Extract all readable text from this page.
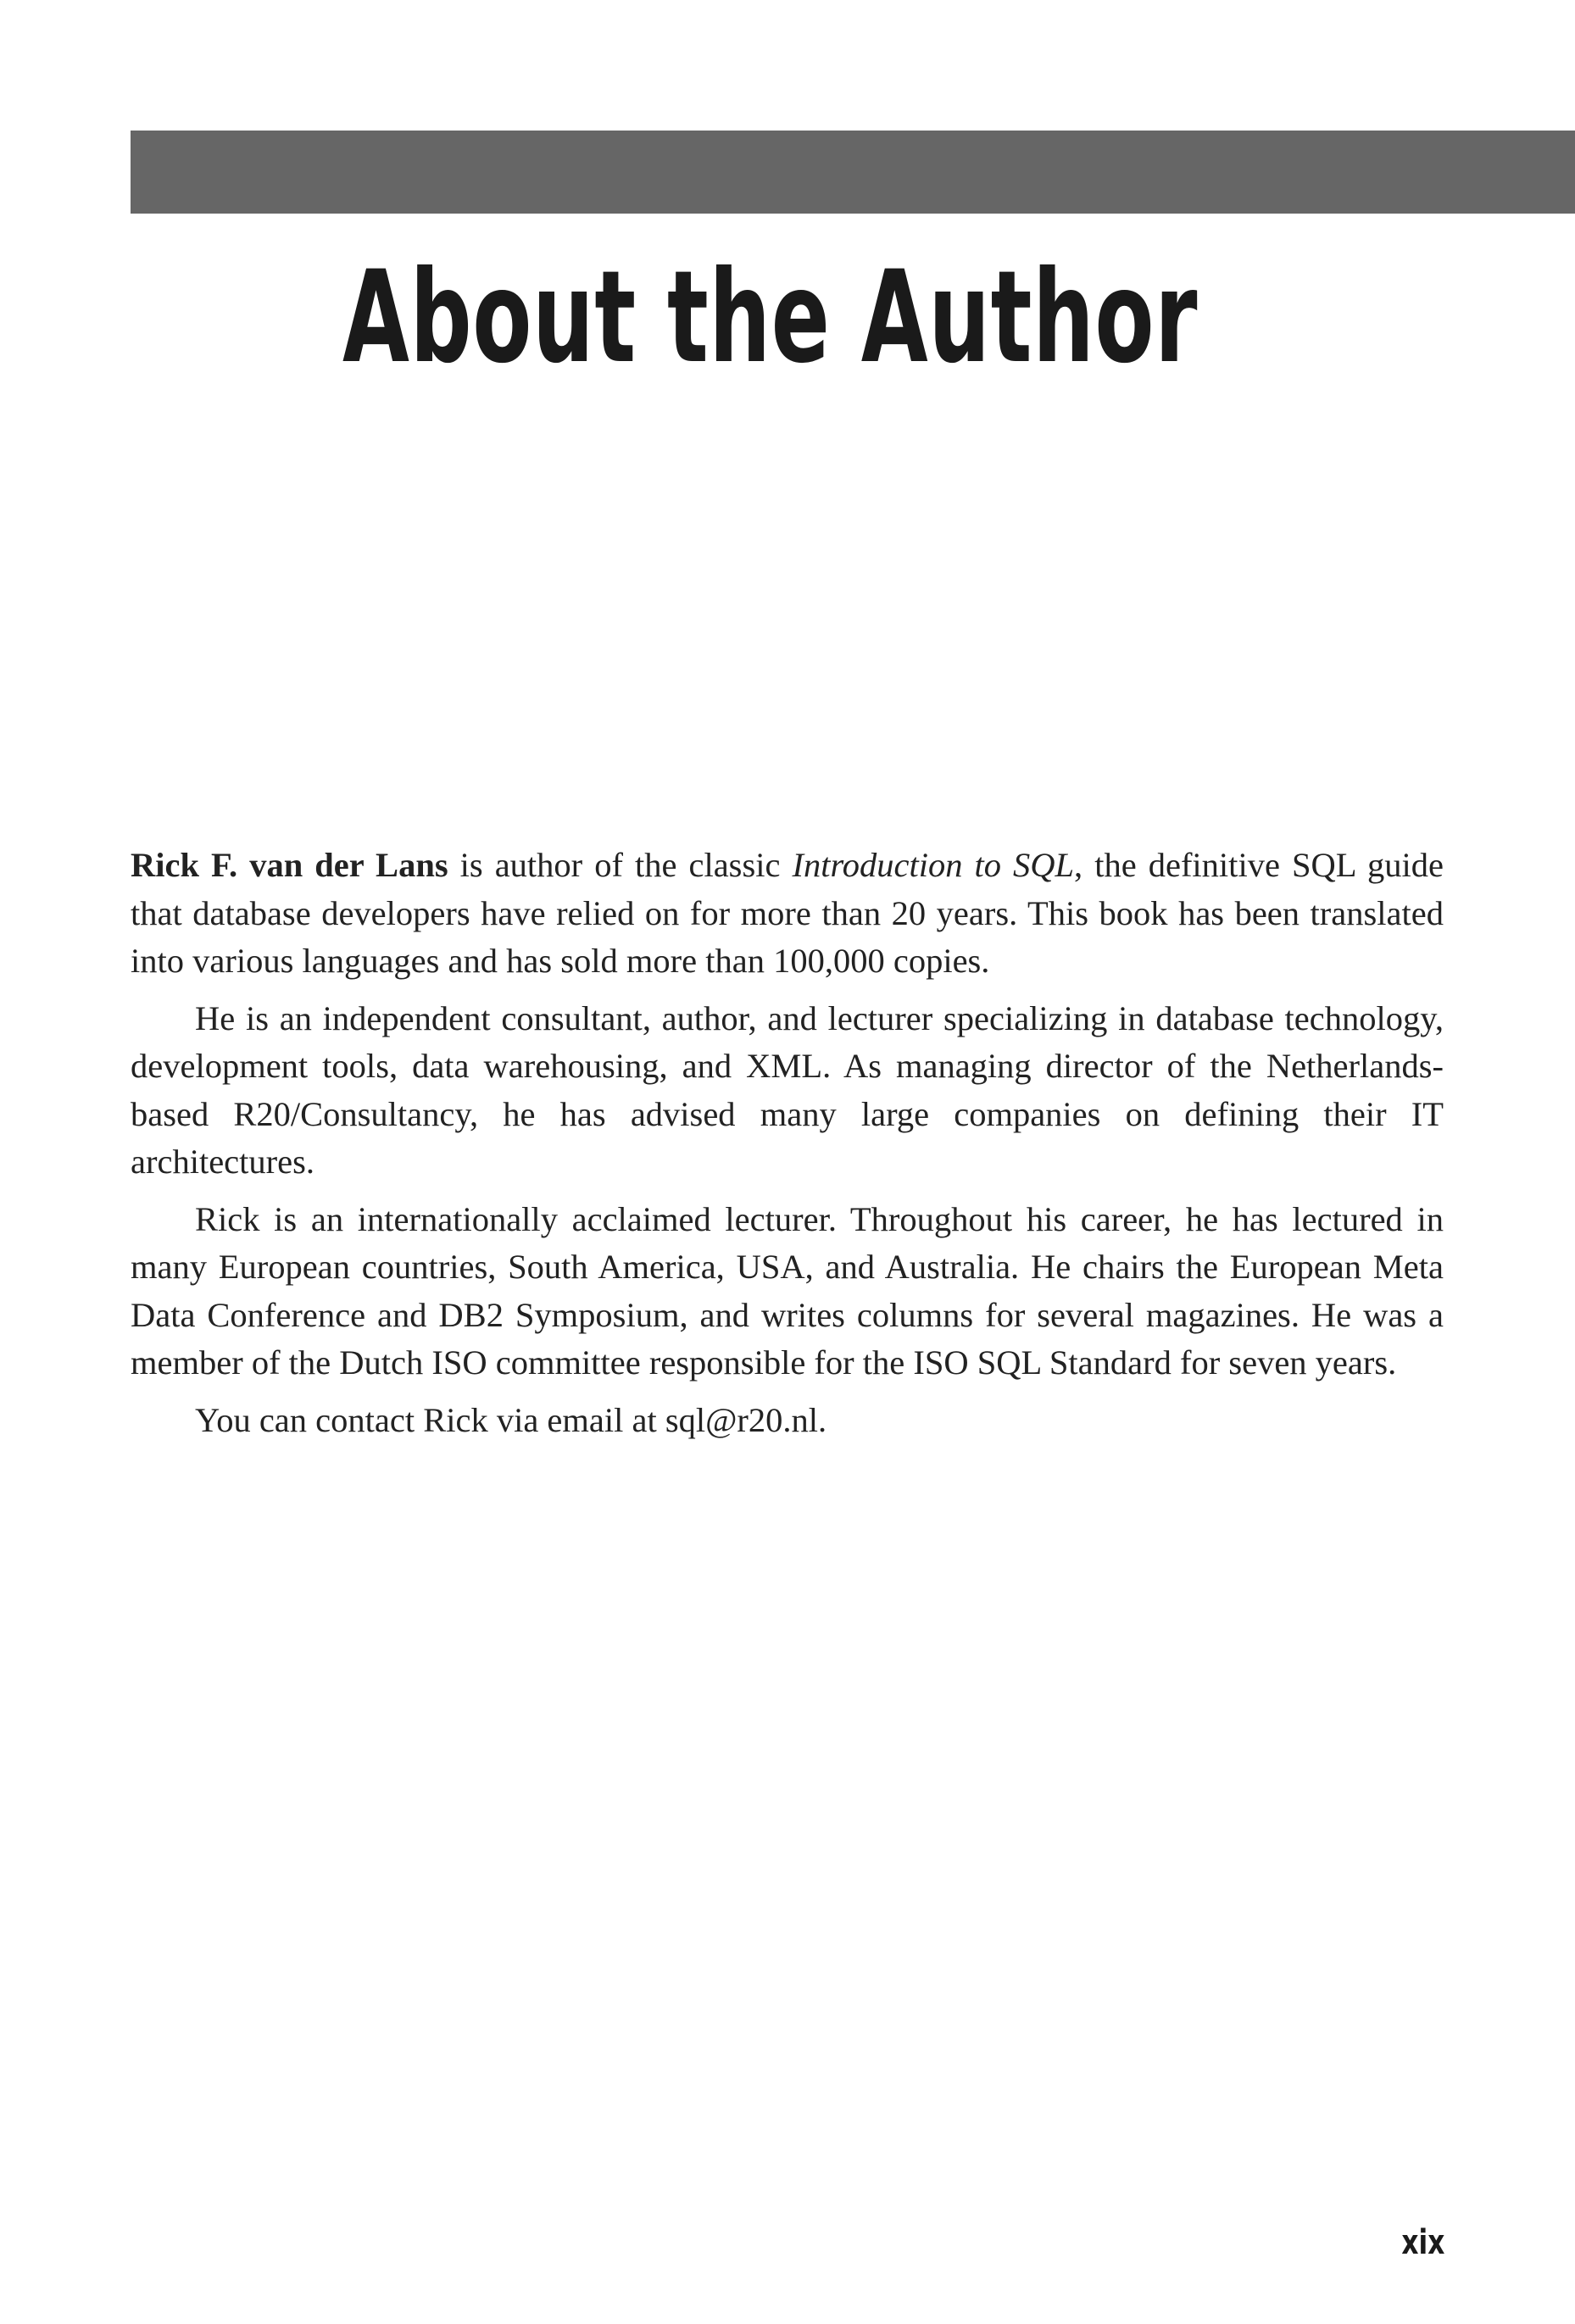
About the Author

Rick F. van der Lans is author of the classic Introduction to SQL, the definitive SQL guide that database developers have relied on for more than 20 years. This book has been translated into various languages and has sold more than 100,000 copies.

He is an independent consultant, author, and lecturer specializing in database technology, development tools, data warehousing, and XML. As managing director of the Netherlands-based R20/Consultancy, he has advised many large companies on defining their IT architectures.

Rick is an internationally acclaimed lecturer. Throughout his career, he has lectured in many European countries, South America, USA, and Australia. He chairs the European Meta Data Conference and DB2 Symposium, and writes columns for several magazines. He was a member of the Dutch ISO committee responsible for the ISO SQL Standard for seven years.

You can contact Rick via email at sql@r20.nl.

xix
